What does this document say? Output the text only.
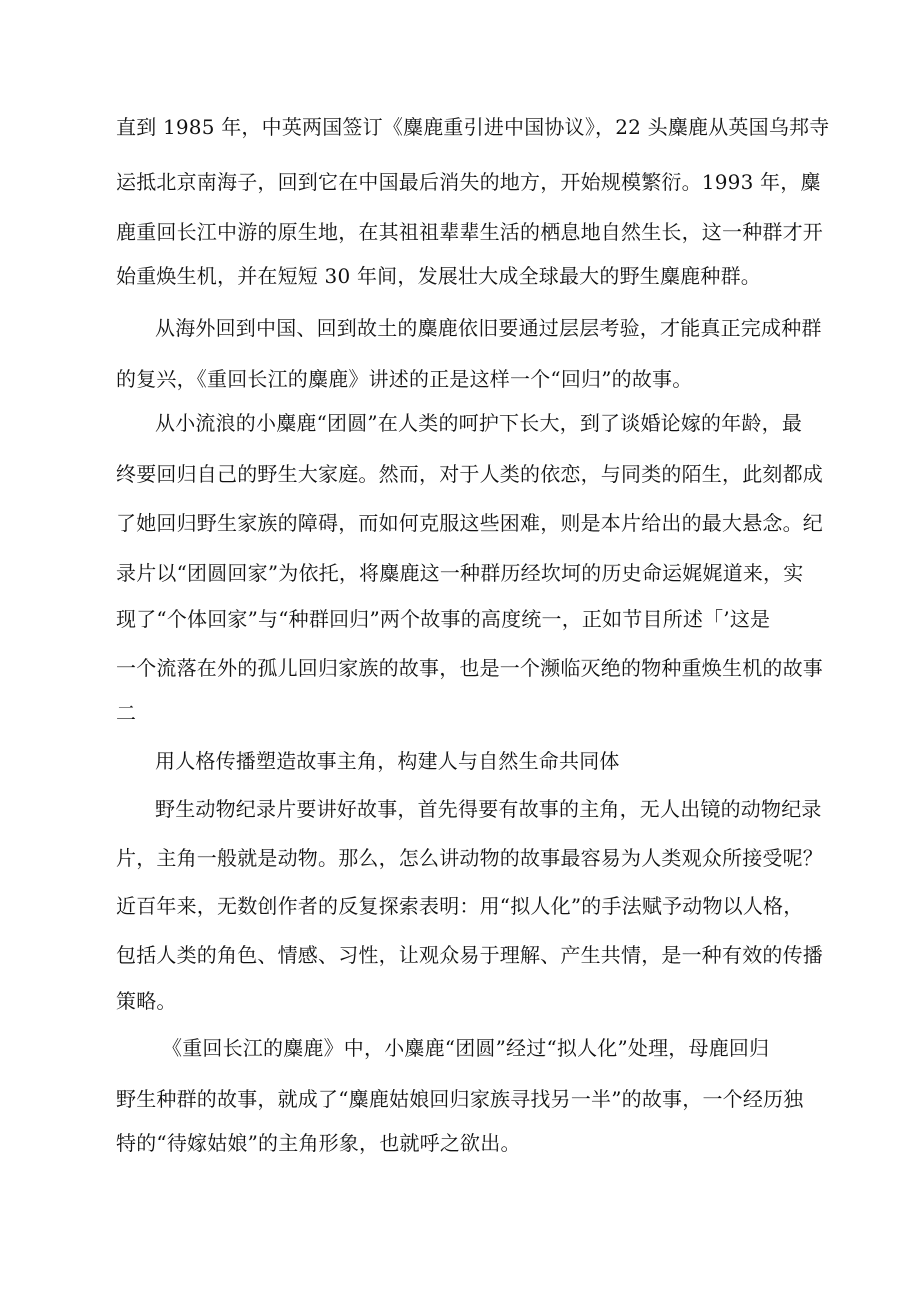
直到 1985 年，中英两国签订《麋鹿重引进中国协议》，22 头麋鹿从英国乌邦寺
运抵北京南海子，回到它在中国最后消失的地方，开始规模繁衍。1993 年，麋
鹿重回长江中游的原生地，在其祖祖辈辈生活的栖息地自然生长，这一种群才开
始重焕生机，并在短短 30 年间，发展壮大成全球最大的野生麋鹿种群。
从海外回到中国、回到故土的麋鹿依旧要通过层层考验，才能真正完成种群
的复兴，《重回长江的麋鹿》讲述的正是这样一个“回归”的故事。
从小流浪的小麋鹿“团圆”在人类的呵护下长大，到了谈婚论嫁的年龄，最
终要回归自己的野生大家庭。然而，对于人类的依恋，与同类的陌生，此刻都成
了她回归野生家族的障碍，而如何克服这些困难，则是本片给出的最大悬念。纪
录片以“团圆回家”为依托，将麋鹿这一种群历经坎坷的历史命运娓娓道来，实
现了“个体回家”与“种群回归”两个故事的高度统一，正如节目所述「’这是
一个流落在外的孤儿回归家族的故事，也是一个濒临灭绝的物种重焕生机的故事
二
用人格传播塑造故事主角，构建人与自然生命共同体
野生动物纪录片要讲好故事，首先得要有故事的主角，无人出镜的动物纪录
片，主角一般就是动物。那么，怎么讲动物的故事最容易为人类观众所接受呢？
近百年来，无数创作者的反复探索表明：用“拟人化”的手法赋予动物以人格，
包括人类的角色、情感、习性，让观众易于理解、产生共情，是一种有效的传播
策略。
《重回长江的麋鹿》中，小麋鹿“团圆”经过“拟人化”处理，母鹿回归
野生种群的故事，就成了“麋鹿姑娘回归家族寻找另一半”的故事，一个经历独
特的“待嫁姑娘”的主角形象，也就呼之欲出。
